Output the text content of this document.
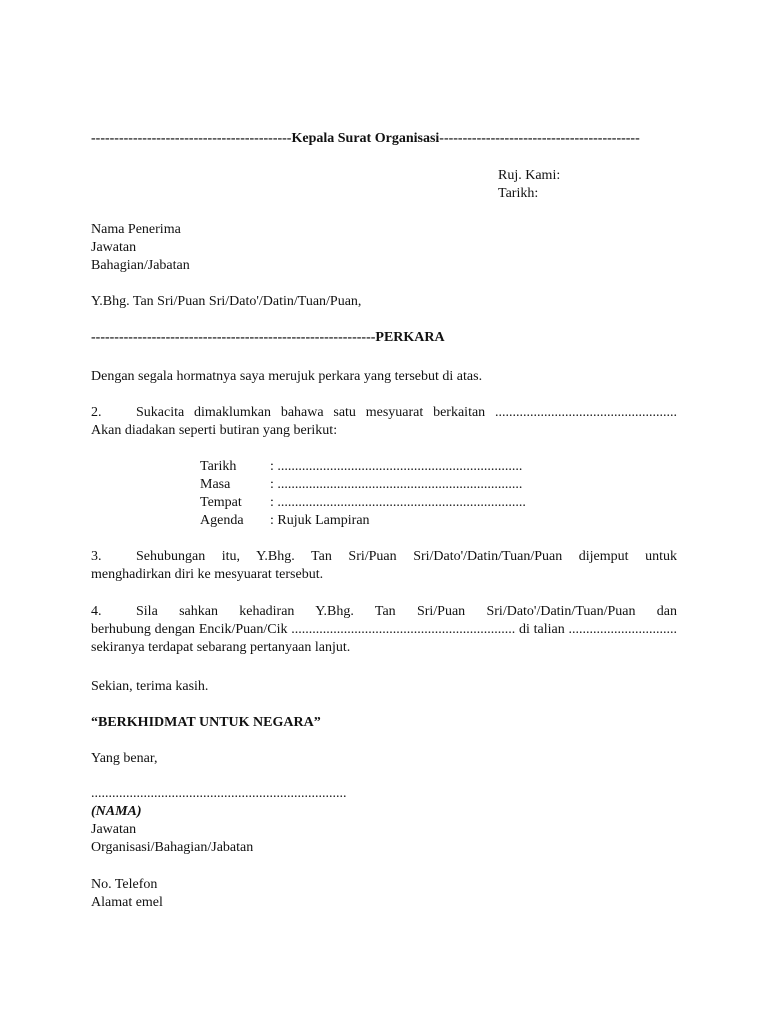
-------------------------------------------Kepala Surat Organisasi-------------------------------------------
Ruj. Kami:
Tarikh:
Nama Penerima
Jawatan
Bahagian/Jabatan
Y.Bhg. Tan Sri/Puan Sri/Dato'/Datin/Tuan/Puan,
-------------------------------------------------------------PERKARA
Dengan segala hormatnya saya merujuk perkara yang tersebut di atas.
2. Sukacita dimaklumkan bahawa satu mesyuarat berkaitan ....................................................
Akan diadakan seperti butiran yang berikut:
Tarikh : ......................................................................
Masa	: ......................................................................
Tempat : .......................................................................
Agenda : Rujuk Lampiran
3. Sehubungan itu, Y.Bhg. Tan Sri/Puan Sri/Dato'/Datin/Tuan/Puan dijemput untuk
menghadirkan diri ke mesyuarat tersebut.
4. Sila sahkan kehadiran Y.Bhg. Tan Sri/Puan Sri/Dato'/Datin/Tuan/Puan dan
berhubung dengan Encik/Puan/Cik ................................................................ di talian ...............................
sekiranya terdapat sebarang pertanyaan lanjut.
Sekian, terima kasih.
“BERKHIDMAT UNTUK NEGARA”
Yang benar,
.........................................................................
(NAMA)
Jawatan
Organisasi/Bahagian/Jabatan
No. Telefon
Alamat emel
